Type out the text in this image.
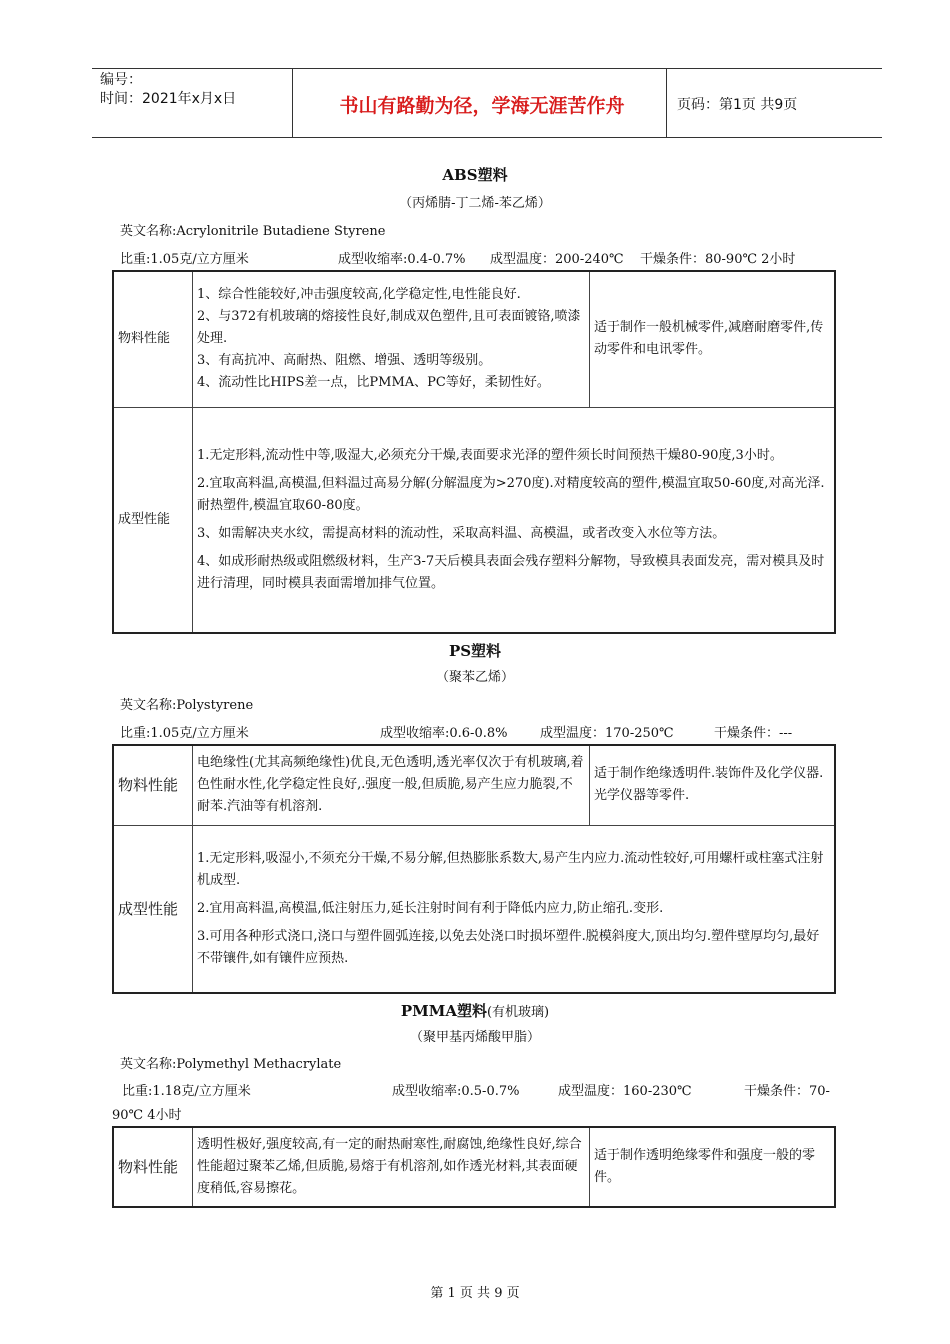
编号：
时间：2021年x月x日	书山有路勤为径，学海无涯苦作舟	页码：第1页 共9页
ABS塑料
（丙烯腈-丁二烯-苯乙烯）
英文名称:Acrylonitrile Butadiene Styrene
比重:1.05克/立方厘米	成型收缩率:0.4-0.7% 成型温度：200-240℃ 干燥条件：80-90℃ 2小时
物料性能	1、综合性能较好,冲击强度较高,化学稳定性,电性能良好.
2、与372有机玻璃的熔接性良好,制成双色塑件,且可表面镀铬,喷漆处理.
3、有高抗冲、高耐热、阻燃、增强、透明等级别。
4、流动性比HIPS差一点，比PMMA、PC等好，柔韧性好。	适于制作一般机械零件,减磨耐磨零件,传动零件和电讯零件。
成型性能	1.无定形料,流动性中等,吸湿大,必须充分干燥,表面要求光泽的塑件须长时间预热干燥80-90度,3小时。

2.宜取高料温,高模温,但料温过高易分解(分解温度为>270度).对精度较高的塑件,模温宜取50-60度,对高光泽.耐热塑件,模温宜取60-80度。

3、如需解决夹水纹，需提高材料的流动性，采取高料温、高模温，或者改变入水位等方法。

4、如成形耐热级或阻燃级材料，生产3-7天后模具表面会残存塑料分解物，导致模具表面发亮，需对模具及时进行清理，同时模具表面需增加排气位置。	

PS塑料
（聚苯乙烯）
英文名称:Polystyrene
比重:1.05克/立方厘米	成型收缩率:0.6-0.8%	成型温度：170-250℃	干燥条件：---
物料性能	电绝缘性(尤其高频绝缘性)优良,无色透明,透光率仅次于有机玻璃,着色性耐水性,化学稳定性良好,.强度一般,但质脆,易产生应力脆裂,不耐苯.汽油等有机溶剂.	适于制作绝缘透明件.装饰件及化学仪器.光学仪器等零件.
成型性能	1.无定形料,吸湿小,不须充分干燥,不易分解,但热膨胀系数大,易产生内应力.流动性较好,可用螺杆或柱塞式注射机成型.

2.宜用高料温,高模温,低注射压力,延长注射时间有利于降低内应力,防止缩孔.变形.

3.可用各种形式浇口,浇口与塑件圆弧连接,以免去处浇口时损坏塑件.脱模斜度大,顶出均匀.塑件壁厚均匀,最好不带镶件,如有镶件应预热.	

PMMA塑料(有机玻璃)
（聚甲基丙烯酸甲脂）
英文名称:Polymethyl Methacrylate
比重:1.18克/立方厘米	成型收缩率:0.5-0.7%	成型温度：160-230℃	干燥条件：70-
90℃ 4小时
物料性能	透明性极好,强度较高,有一定的耐热耐寒性,耐腐蚀,绝缘性良好,综合性能超过聚苯乙烯,但质脆,易熔于有机溶剂,如作透光材料,其表面硬度稍低,容易擦花。	适于制作透明绝缘零件和强度一般的零件。
第 1 页 共 9 页
